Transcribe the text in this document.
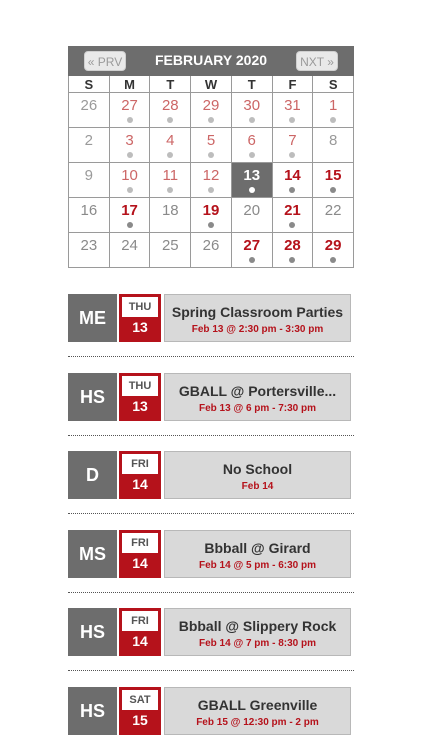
« PRV	FEBRUARY 2020	NXT »
S	M	T	W	T	F	S
26	27	28	29	30	31	1
2	3	4	5	6	7	8
9	10	11	12	13	14	15
16	17	18	19	20	21	22
23	24	25	26	27	28	29
ME
THU
13
Spring Classroom Parties
Feb 13 @ 2:30 pm - 3:30 pm
HS
THU
13
GBALL @ Portersville...
Feb 13 @ 6 pm - 7:30 pm
D
FRI
14
No School
Feb 14
MS
FRI
14
Bbball @ Girard
Feb 14 @ 5 pm - 6:30 pm
HS
FRI
14
Bbball @ Slippery Rock
Feb 14 @ 7 pm - 8:30 pm
HS
SAT
15
GBALL Greenville
Feb 15 @ 12:30 pm - 2 pm
